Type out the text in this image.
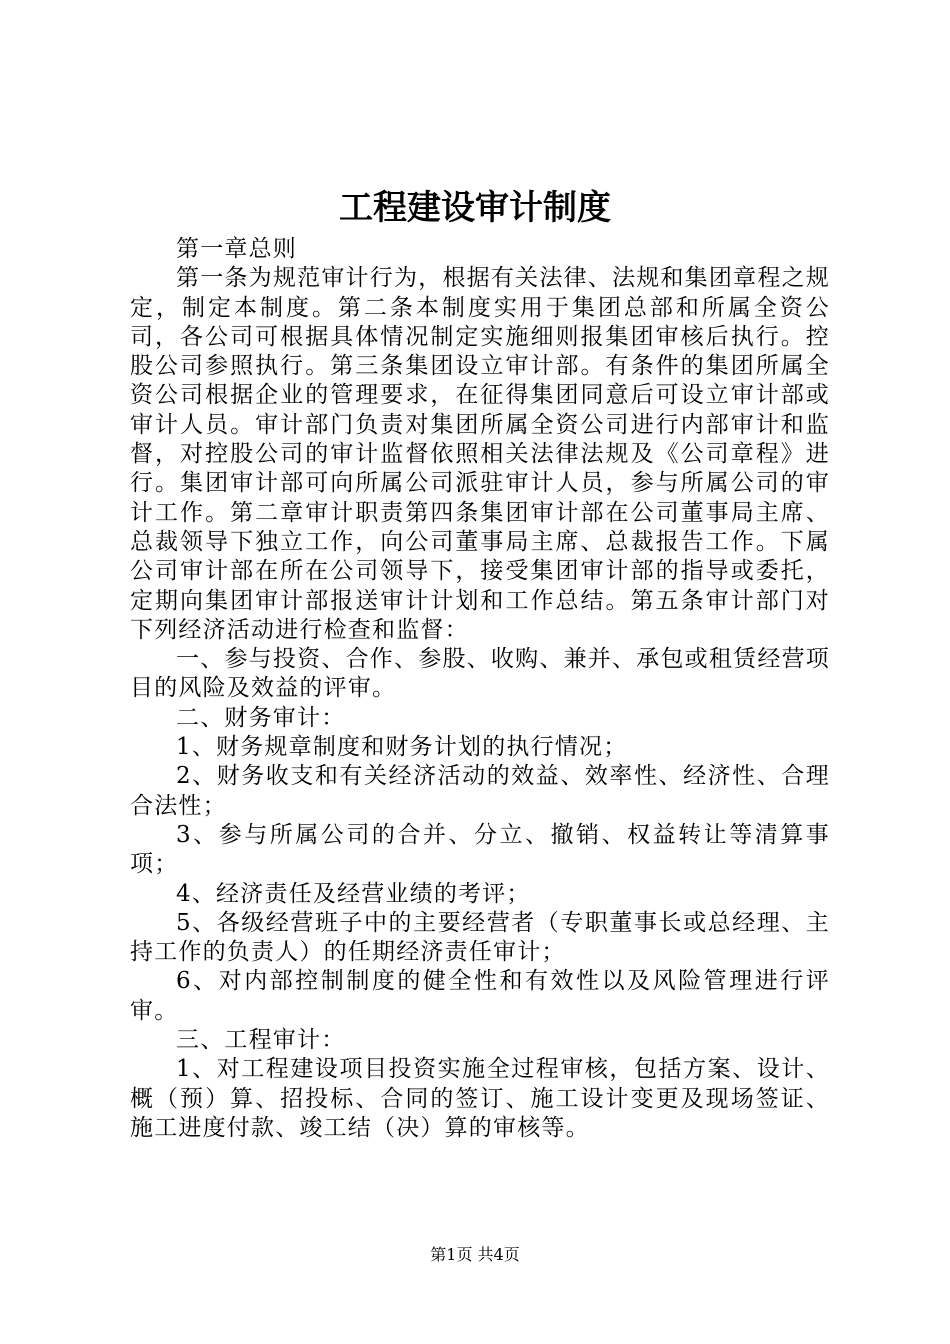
工程建设审计制度

第一章总则

第一条为规范审计行为，根据有关法律、法规和集团章程之规定，制定本制度。第二条本制度实用于集团总部和所属全资公司，各公司可根据具体情况制定实施细则报集团审核后执行。控股公司参照执行。第三条集团设立审计部。有条件的集团所属全资公司根据企业的管理要求，在征得集团同意后可设立审计部或审计人员。审计部门负责对集团所属全资公司进行内部审计和监督，对控股公司的审计监督依照相关法律法规及《公司章程》进行。集团审计部可向所属公司派驻审计人员，参与所属公司的审计工作。第二章审计职责第四条集团审计部在公司董事局主席、总裁领导下独立工作，向公司董事局主席、总裁报告工作。下属公司审计部在所在公司领导下，接受集团审计部的指导或委托，定期向集团审计部报送审计计划和工作总结。第五条审计部门对下列经济活动进行检查和监督：

一、参与投资、合作、参股、收购、兼并、承包或租赁经营项目的风险及效益的评审。

二、财务审计：

1、财务规章制度和财务计划的执行情况；

2、财务收支和有关经济活动的效益、效率性、经济性、合理合法性；

3、参与所属公司的合并、分立、撤销、权益转让等清算事项；

4、经济责任及经营业绩的考评；

5、各级经营班子中的主要经营者（专职董事长或总经理、主持工作的负责人）的任期经济责任审计；

6、对内部控制制度的健全性和有效性以及风险管理进行评审。

三、工程审计：

1、对工程建设项目投资实施全过程审核，包括方案、设计、概（预）算、招投标、合同的签订、施工设计变更及现场签证、施工进度付款、竣工结（决）算的审核等。

第1页 共4页
